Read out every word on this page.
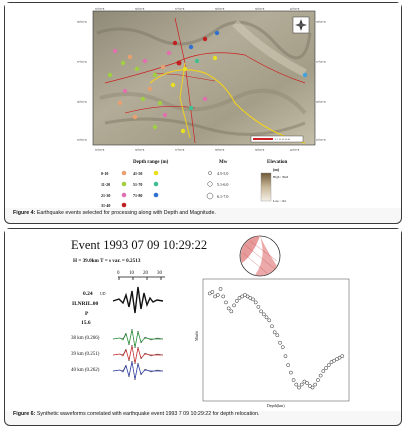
0 5 10 20 30 40
35°0'0"E	36°0'0"E	37°0'0"E	38°0'0"E	39°0'0"E	40°0'0"E
35°0'0"E	36°0'0"E	37°0'0"E	38°0'0"E	39°0'0"E	40°0'0"E
38°0'0"N
37°0'0"N
36°0'0"N
35°0'0"N
38°0'0"N
37°0'0"N
36°0'0"N
35°0'0"N
Depth range (m)
0-10	41-50
11-20	51-70
21-30	71-80
31-40
Mw
4.5-5.0
5.1-6.0
6.1-7.0
Elevation
(m)
High : 3924
Low : -84
Figure 4: Earthquake events selected for processing along with Depth and Magnitude.
Event 1993 07 09 10:29:22
H = 39.0km T = s var. = 0.2513
0 10 20 30
0.24 UD
II.NRIL.00
P
15.6
38 km (0.266)
39 km (0.251)
40 km (0.262)
Misfit
Depth(km)
Figure 6: Synthetic waveforms correlated with earthquake event 1993 7 09 10:29:22 for depth relocation.
